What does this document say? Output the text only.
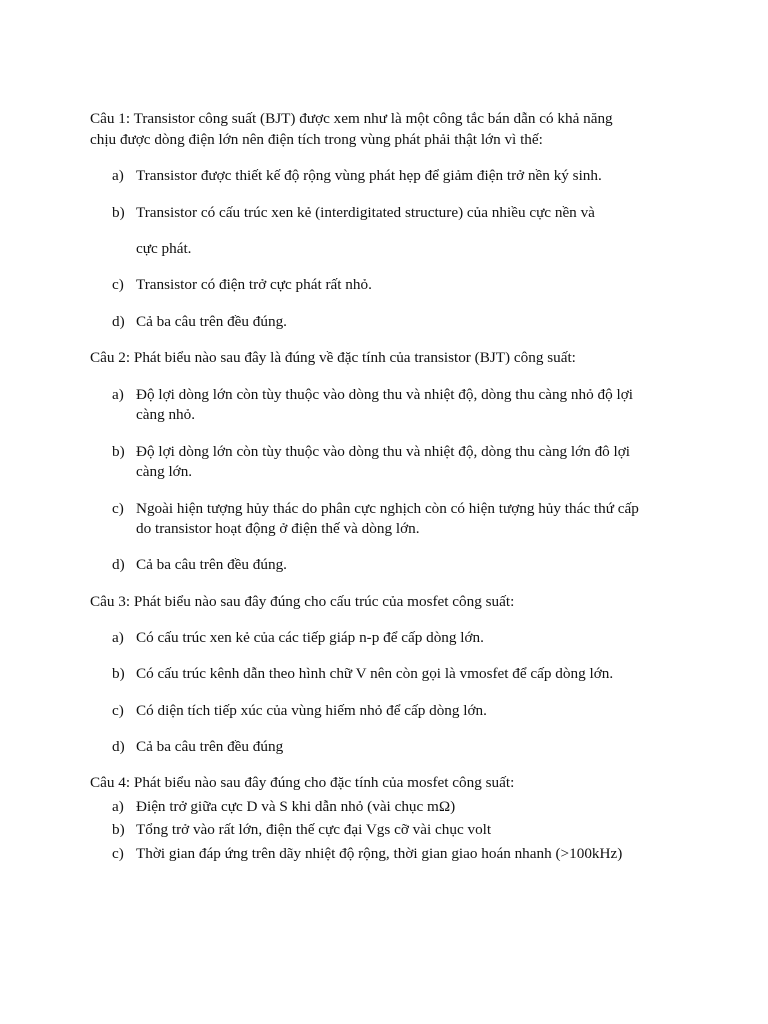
Câu 1: Transistor công suất (BJT) được xem như là một công tắc bán dẫn có khả năng
chịu được dòng điện lớn nên điện tích trong vùng phát phải thật lớn vì thế:
a) Transistor được thiết kế độ rộng vùng phát hẹp để giảm điện trở nền ký sinh.
b) Transistor có cấu trúc xen kẻ (interdigitated structure) của nhiều cực nền và
cực phát.
c) Transistor có điện trở cực phát rất nhỏ.
d) Cả ba câu trên đều đúng.
Câu 2: Phát biểu nào sau đây là đúng về đặc tính của transistor (BJT) công suất:
a) Độ lợi dòng lớn còn tùy thuộc vào dòng thu và nhiệt độ, dòng thu càng nhỏ độ lợi
càng nhỏ.
b) Độ lợi dòng lớn còn tùy thuộc vào dòng thu và nhiệt độ, dòng thu càng lớn đô lợi
càng lớn.
c) Ngoài hiện tượng hủy thác do phân cực nghịch còn có hiện tượng hủy thác thứ cấp
do transistor hoạt động ở điện thế và dòng lớn.
d) Cả ba câu trên đều đúng.
Câu 3: Phát biểu nào sau đây đúng cho cấu trúc của mosfet công suất:
a) Có cấu trúc xen kẻ của các tiếp giáp n-p để cấp dòng lớn.
b) Có cấu trúc kênh dẫn theo hình chữ V nên còn gọi là vmosfet để cấp dòng lớn.
c) Có diện tích tiếp xúc của vùng hiếm nhỏ để cấp dòng lớn.
d) Cả ba câu trên đều đúng
Câu 4: Phát biểu nào sau đây đúng cho đặc tính của mosfet công suất:
a) Điện trở giữa cực D và S khi dẫn nhỏ (vài chục mΩ)
b) Tổng trở vào rất lớn, điện thế cực đại Vgs cỡ vài chục volt
c) Thời gian đáp ứng trên dãy nhiệt độ rộng, thời gian giao hoán nhanh (>100kHz)
